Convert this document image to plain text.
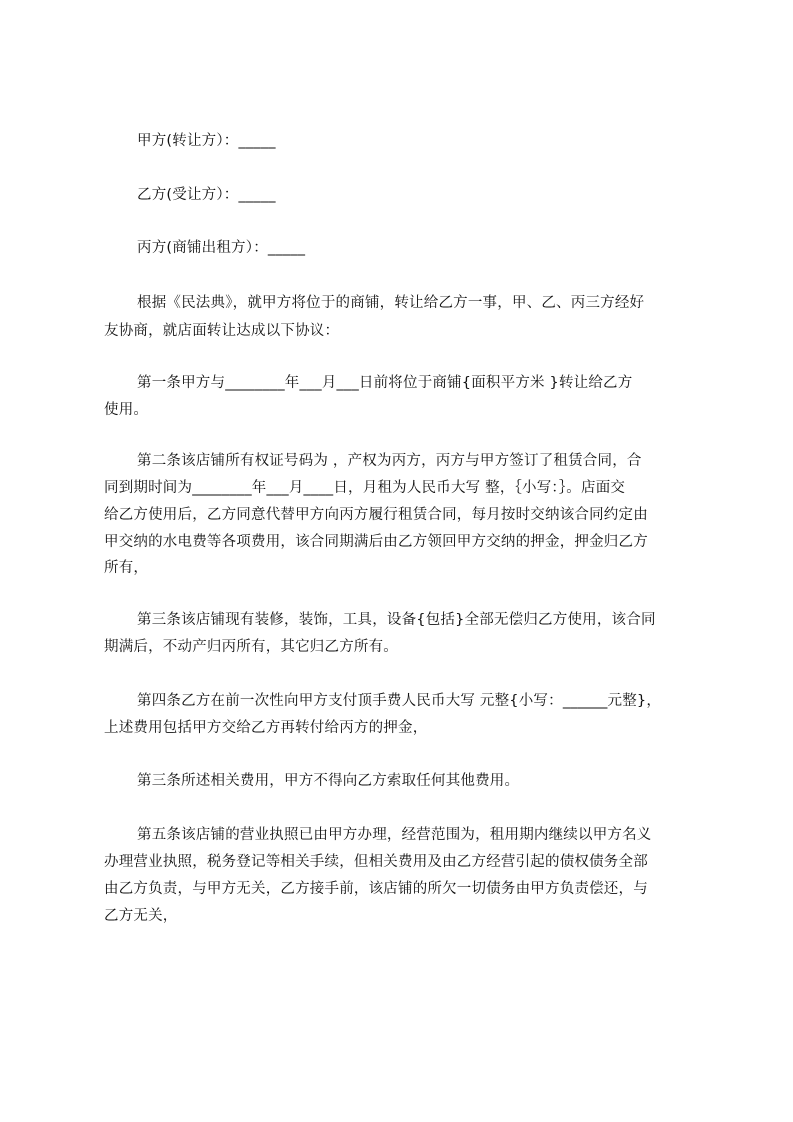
甲方(转让方）：_____
乙方(受让方）：_____
丙方(商铺出租方）：_____
根据《民法典》，就甲方将位于的商铺，转让给乙方一事，甲、乙、丙三方经好
友协商，就店面转让达成以下协议：
第一条甲方与________年___月___日前将位于商铺{面积平方米 }转让给乙方
使用。
第二条该店铺所有权证号码为 ，产权为丙方，丙方与甲方签订了租赁合同，合
同到期时间为________年___月____日，月租为人民币大写 整，｛小写：｝。店面交
给乙方使用后，乙方同意代替甲方向丙方履行租赁合同，每月按时交纳该合同约定由
甲交纳的水电费等各项费用，该合同期满后由乙方领回甲方交纳的押金，押金归乙方
所有，
第三条该店铺现有装修，装饰，工具，设备{包括}全部无偿归乙方使用，该合同
期满后，不动产归丙所有，其它归乙方所有。
第四条乙方在前一次性向甲方支付顶手费人民币大写 元整{小写：______元整}，
上述费用包括甲方交给乙方再转付给丙方的押金，
第三条所述相关费用，甲方不得向乙方索取任何其他费用。
第五条该店铺的营业执照已由甲方办理，经营范围为，租用期内继续以甲方名义
办理营业执照，税务登记等相关手续，但相关费用及由乙方经营引起的债权债务全部
由乙方负责，与甲方无关，乙方接手前，该店铺的所欠一切债务由甲方负责偿还，与
乙方无关，
